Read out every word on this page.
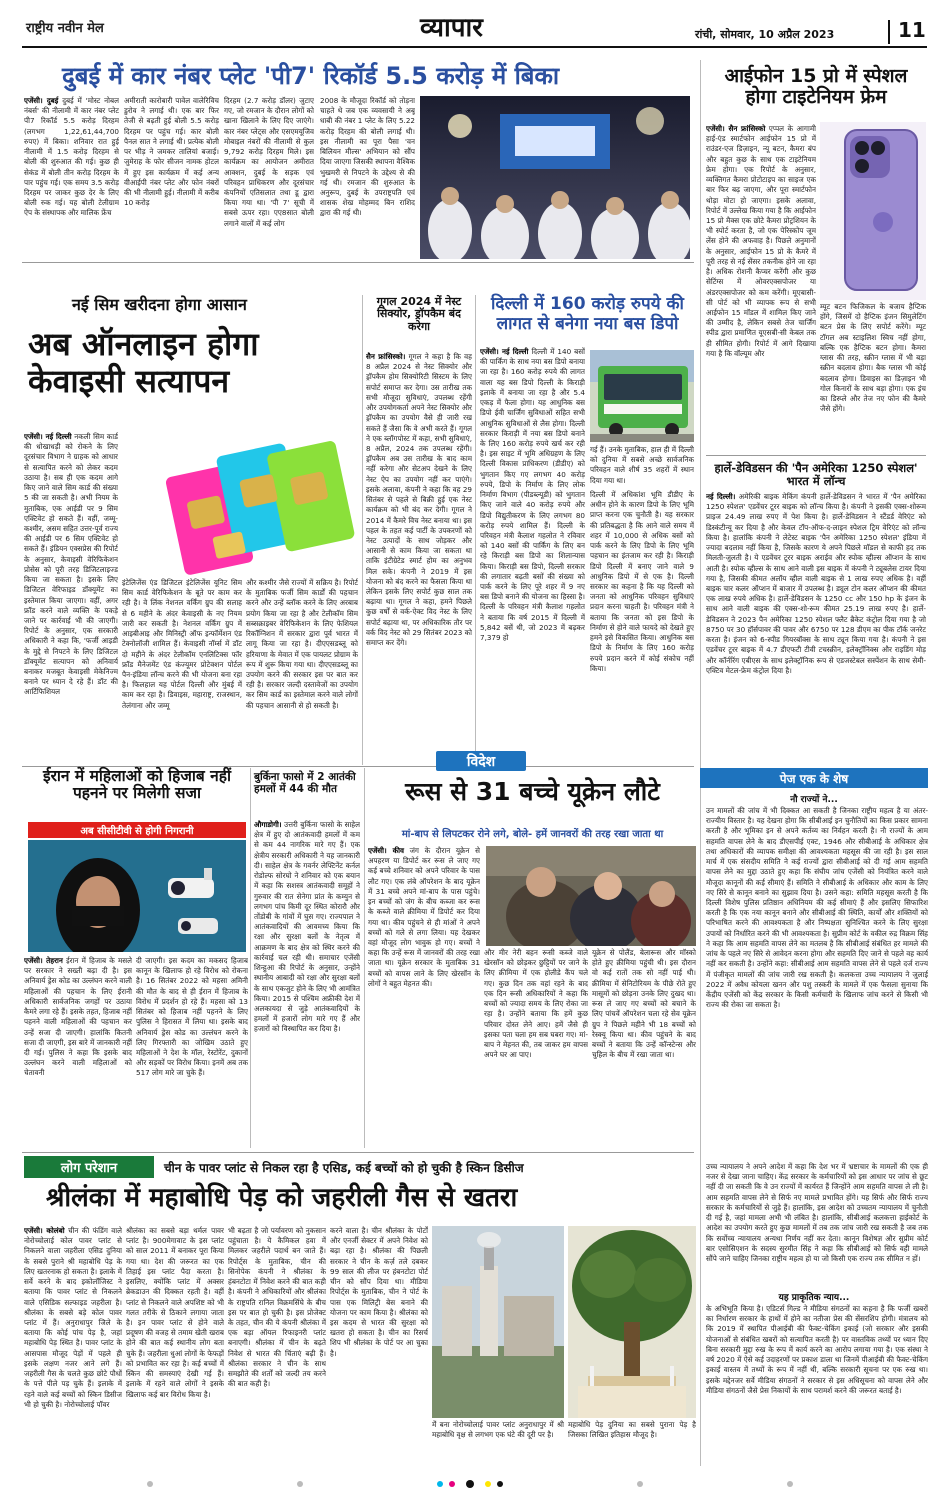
राष्ट्रीय नवीन मेल	व्यापार	रांची, सोमवार, 10 अप्रैल 2023	11
दुबई में कार नंबर प्लेट 'पी7' रिकॉर्ड 5.5 करोड़ में बिका
एजेंसी। दुबई दुबई में 'मोस्ट नोबल नंबर्स' की नीलामी में कार नंबर प्लेट पी7 रिकॉर्ड 5.5 करोड़ दिरहम (लगभग 1,22,61,44,700 रुपए) में बिका। शनिवार रात हुई नीलामी में 1.5 करोड़ दिरहम से बोली की शुरुआत की गई। कुछ ही सेकंड में बोली तीन करोड़ दिरहम के पार पहुंच गई। एक समय 3.5 करोड़ दिरहम पर जाकर कुछ देर के लिए बोली रुक गई। यह बोली टेलीग्राम ऐप के संस्थापक और मालिक फ्रेंच
अमीराती कारोबारी पावेल वालेरिविच डुरोव ने लगाई थी। एक बार फिर तेजी से बढ़ती हुई बोली 5.5 करोड़ दिरहम पर पहुंच गई। कार बोली पैनल सात ने लगाई थी। प्रत्येक बोली पर भीड़ ने जमकर तालियां बजाई। जुमेराह के फोर सीजन नामक होटल में हुए इस कार्यक्रम में कई अन्य वीआईपी नंबर प्लेट और फोन नंबरों की भी नीलामी हुई। नीलामी में करीब 10 करोड़
दिरहम (2.7 करोड़ डॉलर) जुटाए गए, जो रमजान के दौरान लोगों को खाना खिलाने के लिए दिए जाएंगे। कार नंबर प्लेट्स और एसएमयूजिव मोबाइल नंबरों की नीलामी से कुल 9,792 करोड़ दिरहम मिले। इस कार्यक्रम का आयोजन अमीरात आक्शन, दुबई के सड़क एवं परिवहन प्राधिकरण और दूरसंचार कंपनियों एतिसलात तथा डू द्वारा किया गया था। 'पी 7' सूची में सबसे ऊपर रहा। एए8सात बोली लगाने वालों में कई लोग
2008 के मौजूदा रिकॉर्ड को तोड़ना चाहते थे जब एक व्यवसायी ने अबू धाबी की नंबर 1 प्लेट के लिए 5.22 करोड़ दिरहम की बोली लगाई थी। इस नीलामी का पूरा पैसा 'वन बिलियन मील्स' अभियान को सौंप दिया जाएगा जिसकी स्थापना वैश्विक भुखमरी से निपटने के उद्देश्य से की गई थी। रमजान की शुरुआत के अनुरूप, दुबई के उपराष्ट्रपति एवं शासक शेख मोहम्मद बिन राशिद द्वारा की गई थी।
आईफोन 15 प्रो में स्पेशल होगा टाइटेनियम फ्रेम
एजेंसी। सैन फ्रांसिस्को एप्पल के आगामी हाई-एंड स्मार्टफोन आईफोन 15 प्रो में राउंडर-एज डिज़ाइन, न्यू बटन, कैमरा बंप और बहुत कुछ के साथ एक टाइटेनियम फ्रेम होगा। एक रिपोर्ट के अनुसार, व्यक्तिगत कैमरा प्रोटोटाइप का साइज एक बार फिर बढ़ जाएगा, और पूरा स्मार्टफोन थोड़ा मोटा हो जाएगा। इसके अलावा, रिपोर्ट में उल्लेख किया गया है कि आईफोन 15 प्रो मैक्स एक छोटे कैमरा प्रोट्रशियन के भी स्पोर्ट करता है, जो एक पेरिस्कोप जूम लेंस होने की अफवाह है। पिछले अनुमानों के अनुसार, आईफोन 15 प्रो के कैमरे में पूरी तरह से नई सेंसर तकनीक होने जा रहा है। अधिक रोशनी कैप्चर करेंगी और कुछ सेटिंग्स में ओवरएक्सपोजर या अंडरएक्सपोजर को कम करेंगी। मूएबासी-सी पोर्ट को भी व्यापक रूप से सभी आईफोन 15 मॉडल में शामिल किए जाने की उम्मीद है, लेकिन सबसे तेज चार्जिंग स्पीड द्वारा प्रमाणित यूएसबी-सी केबल तक ही सीमित होगी। रिपोर्ट में आगे दिखाया गया है कि वॉल्यूम और
म्यूट बटन फिजिकल के बजाय हैप्टिक होंगे, जिसमें दो हैप्टिक इंजन सिमुलेटिंग बटन प्रेस के लिए सपोर्ट करेंगे। म्यूट टॉगल अब स्टाइलिश स्विच नहीं होगा, बल्कि एक हैप्टिक बटन होगा। कैमरा ग्लास की तरह, स्क्रीन ग्लास में भी बड़ा स्क्रीन बदलाव होगा। बैक ग्लास भी कोई बदलाव होगा। डिवाइस का डिज़ाइन भी गोल किनारों के साथ बड़ा होगा। एक इंच का डिस्प्ले और तेज नए फोन की कैमरे जैसे होंगे।
हार्ले-डेविडसन की 'पैन अमेरिका 1250 स्पेशल' भारत में लॉन्च
नई दिल्ली। अमेरिकी बाइक मेकिंग कंपनी हार्ले-डेविडसन ने भारत में 'पैन अमेरिका 1250 स्पेशल' एडवेंचर टूरर बाइक को लॉन्च किया है। कंपनी ने इसकी एक्स-शोरूम प्राइज 24.49 लाख रुपए में पेश किया है। हार्ले-डेविडसन ने स्टैंडर्ड वेरिएंट को डिस्कंटीन्यू कर दिया है और केवल टॉप-ऑफ-द-लाइन स्पेशल ट्रिम वेरिएंट को लॉन्च किया है। हालांकि कंपनी ने लेटेस्ट बाइक 'पैन अमेरिका 1250 स्पेशल' इंडिया में ज्यादा बदलाव नहीं किया है, जिसके कारण ये अपने पिछले मॉडल से काफी हद तक मिलती-जुलती है। ये एडवेंचर टूरर बाइक अराईव और स्पोक व्हील्स ऑप्शन के साथ आती है। स्पोक व्हील्स के साथ आने वाली इस बाइक में कंपनी ने ट्यूबलेस टायर दिया गया है, जिसकी कीमत अलॉय व्हील वाली बाइक से 1 लाख रुपए अधिक है। वहीं बाइक चार कलर ऑप्शन में बाजार में उपलब्ध है। ड्यूल टोन कलर ऑप्शन की कीमत एक लाख रुपये अधिक है। हार्ले-डेविडसन के 1250 cc और 150 hp के इंजन के साथ आने वाली बाइक की एक्स-शो-रूम कीमत 25.19 लाख रुपए है। हार्ले-डेविडसन ने 2023 पैन अमेरिका 1250 स्पेशल फ्लैट ब्रैकेट कंट्रोल दिया गया है जो 8750 पर 30 हॉर्सपावर की पावर और 6750 पर 128 डीएम का पीक टॉर्क जनरेट करता है। इंजन को 6-स्पीड गियरबॉक्स के साथ ट्यून किया गया है। कंपनी ने इस एडवेंचर टूरर बाइक में 4.7 डीएफटी टीवी टचस्क्रीन, इलेक्ट्रॉनिक्स और राइडिंग मोड़ और कॉर्नरिंग एबीएस के साथ इलेक्ट्रॉनिक रूप से एडजस्टेबल सस्पेंशन के साथ सेमी-एक्टिव मेटल-फ्रेम कंट्रोल दिया है।
नई सिम खरीदना होगा आसान
अब ऑनलाइन होगा केवाइसी सत्यापन
एजेंसी। नई दिल्ली नकली सिम कार्ड की धोखाधड़ी को रोकने के लिए दूरसंचार विभाग ने ग्राहक को आधार से सत्यापित करने को लेकर कदम उठाया है। सब ही एक कदम आगे किए जाने वाले सिम कार्ड की संख्या 5 की जा सकती है। अभी नियम के मुताबिक, एक आईडी पर 9 सिम एक्टिवेट हो सकते हैं। वहीं, जम्मू-कश्मीर, असम सहित उत्तर-पूर्व राज्य की आईडी पर 6 सिम एक्टिवेट हो सकते हैं। इंडियन एक्सप्रेस की रिपोर्ट के अनुसार, केवाइसी वेरिफिकेशन प्रोसेस को पूरी तरह डिजिटलाइज्ड किया जा सकता है। इसके लिए डिजिटल वेरिफाइड डॉक्यूमेंट का इस्तेमाल किया जाएगा। वहीं, अगर फ्रॉड करने वाले व्यक्ति के पकड़े जाने पर कार्रवाई भी की जाएगी। रिपोर्ट के अनुसार, एक सरकारी अधिकारी ने कहा कि, 'फर्जी आइडी के मुद्दे से निपटने के लिए डिजिटल डॉक्यूमेंट सत्यापन को अनिवार्य बनाकर मजबूत केवाइसी मेकेनिज्म बनाने पर ध्यान दे रहे हैं। डॉट की आर्टिफिशियल
इंटेलिजेंस एंड डिजिटल इंटेलिजेंस यूनिट सिम सिम कार्ड वेरिफिकेशन के बूते पर काम कर रही है। वे लिंक नेशनल वर्किंग ग्रुप की सलाह से 6 महीने के अंदर केवाइसी के नए नियम जारी कर सकती है। नेशनल वर्किंग ग्रुप में आइबीआइ और मिनिस्ट्री ऑफ इन्फॉर्मेशन एंड टेक्नोलॉजी शामिल हैं। केवाइसी नॉर्म्स में डॉट दो महीने के अंदर टेलीकॉम एनलिटिक्स फॉर फ्रॉड मैनेजमेंट एंड कंज्यूमर प्रोटेक्शन पोर्टल पैन-इंडिया लॉन्च करने की भी योजना बना रहा है। फिलहाल यह पोर्टल दिल्ली और मुंबई में काम कर रहा है। डिवाइस, महाराष्ट्र, राजस्थान, तेलंगाना और जम्मू
और कश्मीर जैसे राज्यों में सक्रिय है। रिपोर्ट के मुताबिक फर्जी सिम कार्डों की पहचान करने और उन्हें ब्लॉक करने के लिए अरबाब प्रयोग किया जा रहा है और टेलीकॉम सिम सब्सक्राइबर वेरिफिकेशन के लिए फेशियल रिकॉग्निशन में सरकार द्वारा पूर्व भारत में लागू किया जा रहा है। दीएएसडब्लू को हरियाणा के मेवात में एक पायलट प्रोग्राम के रूप में शुरू किया गया था। दीएएसडब्लू का उपयोग करने की सरकार इस पर बात कर रही है। सरकार जल्दी दस्तावेजों का उपयोग कर सिम कार्ड का इस्तेमाल करने वाले लोगों की पहचान आसानी से हो सकती है।
गूगल 2024 में नेस्ट सिक्योर, ड्रॉपकैम बंद करेगा
सैन फ्रांसिस्को। गूगल ने कहा है कि वह 8 अप्रैल 2024 से नेस्ट सिक्योर और ड्रॉपकैम होम सिक्योरिटी सिस्टम के लिए सपोर्ट समाप्त कर देगा। उस तारीख तक सभी मौजूदा सुविधाएं, उपलब्ध रहेंगी और उपयोगकर्ता अपने नेस्ट सिक्योर और ड्रॉपकैम का उपयोग वैसे ही जारी रख सकते हैं जैसा कि वे अभी करते हैं। गूगल ने एक ब्लॉगपोस्ट में कहा, सभी सुविधाएं, 8 अप्रैल, 2024 तक उपलब्ध रहेंगी। ड्रॉपकैम अब उस तारीख के बाद काम नहीं करेगा और सेटअप देखने के लिए नेस्ट ऐप का उपयोग नहीं कर पाएंगे। इसके अलावा, कंपनी ने कहा कि वह 29 सितंबर से पहले से बिक्री हुई एक नेस्ट कार्यक्रम को भी बंद कर देगी। गूगल ने 2014 में कैमरे विच नेस्ट बनाया था। इस पहल के तहत कई पार्टी के उपकरणों को नेस्ट उत्पादों के साथ जोड़कर और आसानी से काम किया जा सकता था ताकि इंटीग्रेटेड स्मार्ट होम का अनुभव मिल सके। कंपनी ने 2019 में इस योजना को बंद करने का फैसला किया था लेकिन इसके लिए सपोर्ट कुछ साल तक बढ़ाया था। गूगल ने कहा, हमने पिछले कुछ वर्षों से वर्क-ऐक्ट विद नेस्ट के लिए सपोर्ट बढ़ाया था, पर अधिकारिक तौर पर वर्क विद नेस्ट को 29 सितंबर 2023 को समाप्त कर देंगे।
दिल्ली में 160 करोड़ रुपये की लागत से बनेगा नया बस डिपो
एजेंसी। नई दिल्ली दिल्ली में 140 बसों की पार्किंग के साथ नया बस डिपो बनाया जा रहा है। 160 करोड़ रुपये की लागत वाला यह बस डिपो दिल्ली के किराड़ी इलाके में बनाया जा रहा है और 5.4 एकड़ में फैला होगा। यह आधुनिक बस डिपो ईवी चार्जिंग सुविधाओं सहित सभी आधुनिक सुविधाओं से लैस होगा। दिल्ली सरकार किराड़ी में नया बस डिपो बनाने के लिए 160 करोड़ रुपये खर्च कर रही है। इस साइट में भूमि अधिग्रहण के लिए दिल्ली विकास प्राधिकरण (डीडीए) को भुगतान किए गए लगभग 40 करोड़ रुपये, डिपो के निर्माण के लिए लोक निर्माण विभाग (पीडब्ल्यूडी) को भुगतान किए जाने वाले 40 करोड़ रुपये और डिपो विद्युतीकरण के लिए लगभग 80 करोड़ रुपये शामिल हैं। दिल्ली के परिवहन मंत्री कैलाश गहलोत ने रविवार को 140 बसों की पार्किंग के लिए बन रहे किराड़ी बस डिपो का शिलान्यास किया। किराड़ी बस डिपो, दिल्ली सरकार की लगातार बढ़ती बसों की संख्या को पार्क करने के लिए पूरे शहर में 9 नए बस डिपो बनाने की योजना का हिस्सा है। दिल्ली के परिवहन मंत्री कैलाश गहलोत ने बताया कि वर्ष 2015 में दिल्ली में 5,842 बसें थी, जो 2023 में बढ़कर 7,379 हो
गई हैं। उनके मुताबिक, हाल ही में दिल्ली को दुनिया में सबसे अच्छे सार्वजनिक परिवहन वाले शीर्ष 35 शहरों में स्थान दिया गया था।
दिल्ली में अधिकांश भूमि डीडीए के अधीन होने के कारण डिपो के लिए भूमि प्राप्त करना एक चुनौती है। यह सरकार की प्रतिबद्धता है कि आने वाले समय में शहर में 10,000 से अधिक बसों को पार्क करने के लिए डिपो के लिए भूमि पहचान का इंतजाम कर रही है। किराड़ी डिपो दिल्ली में बनाए जाने वाले 9 आधुनिक डिपो में से एक है। दिल्ली सरकार का कहना है कि यह दिल्ली को जनता को आधुनिक परिवहन सुविधाएं प्रदान करना चाहती है। परिवहन मंत्री ने बताया कि जनता को इस डिपो के निर्माण से होने वाले फायदे को देखते हुए हमने इसे विकसित किया। आधुनिक बस डिपो के निर्माण के लिए 160 करोड़ रुपये प्रदान करने में कोई संकोच नहीं किया।
विदेश
ईरान में महिलाओं को हिजाब नहीं पहनने पर मिलेगी सजा
अब सीसीटीवी से होगी निगरानी
एजेंसी। तेहरान ईरान में हिजाब के मसले पर सरकार ने सख्ती बढ़ा दी है। इस अनिवार्य ड्रेस कोड का उल्लंघन करने वाली महिलाओं की पहचान के लिए ईरानी अधिकारी सार्वजनिक जगहों पर उठाया कैमरे लगा रहे हैं। इसके तहत, हिजाब नहीं पहनने वाली महिलाओं की पहचान कर उन्हें सजा दी जाएगी। हालांकि कितनी सजा दी जाएगी, इस बारे में जानकारी नहीं दी गई। पुलिस ने कहा कि इसके बाद उल्लंघन करने वाली महिलाओं को चेतावनी
दी जाएगी। इस कदम का मकसद हिजाब कानून के खिलाफ हो रहे विरोध को रोकना है। 16 सितंबर 2022 को महसा अमिनी की मौत के बाद से ही ईरान में हिजाब के विरोध में प्रदर्शन हो रहे हैं। महसा को 13 सितंबर को हिजाब नहीं पहनने के लिए पुलिस ने हिरासत में लिया था। इसके बाद अनिवार्य ड्रेस कोड का उल्लंघन करने के लिए गिरफ्तारी का जोखिम उठाते हुए महिलाओं ने देश के मॉल, रेस्टोरेंट, दुकानों और सड़कों पर विरोध किया। इनमें अब तक 517 लोग मारे जा चुके हैं।
बुर्किना फासो में 2 आतंकी हमलों में 44 की मौत
औगाडोगी। उत्तरी बुर्किना फासो के साहेल क्षेत्र में हुए दो आतंकवादी हमलों में कम से कम 44 नागरिक मारे गए हैं। एक क्षेत्रीय सरकारी अधिकारी ने यह जानकारी दी। साहेल क्षेत्र के गवर्नर लेफ्टिनेंट कर्नल रोडोल्फ सोरघो ने शनिवार को एक बयान में कहा कि सशस्त्र आतंकवादी समूहों ने गुरुवार की रात सेनेगा प्रांत के कम्युन से लगभग पांच किमी दूर स्थित कोरारौ और तोंडोबी के गांवों में घुस गए। राज्यपाल ने आतंकवादियों की आवमच्य किया कि रक्षा और सुरक्षा बलों के नेतृत्व में आक्रमण के बाद क्षेत्र को स्थिर करने की कार्रवाई चल रही थी। समाचार एजेंसी शिन्हुआ की रिपोर्ट के अनुसार, उन्होंने स्थानीय आबादी को रक्षा और सुरक्षा बलों के साथ एकजुट होने के लिए भी आमंत्रित किया। 2015 से पश्चिम अफ्रीकी देश में अलकायदा से जुड़े आतंकवादियों के हमलों में हजारों लोग मारे गए हैं और हजारों को विस्थापित कर दिया है।
रूस से 31 बच्चे यूक्रेन लौटे
मां-बाप से लिपटकर रोने लगे, बोले- हमें जानवरों की तरह रखा जाता था
एजेंसी। कीव जंग के दौरान यूक्रेन से अपहरण या डिपोर्ट कर रूस ले जाए गए कई बच्चे शनिवार को अपने परिवार के पास लौट गए। एक लंबे ऑपरेशन के बाद यूक्रेन में 31 बच्चे अपने मां-बाप के पास पहुंचे। इन बच्चों को जंग के बीच कब्जा कर रूस के कब्जे वाले क्रीमिया में डिपोर्ट कर दिया गया था। कीव पहुंचने से ही मांओं ने अपने बच्चों को गले से लगा लिया। यह देखकर वहां मौजूद लोग भावुक हो गए। बच्चों ने कहा कि उन्हें रूस में जानवरों की तरह रखा जाता था। यूक्रेन सरकार के मुताबिक 31 बच्चों को वापस लाने के लिए खेरसॉन के लोगों ने बहुत मेहनत की।
और मीर नेरी बहन रूसी कब्जे वाले खेरसॉन को छोड़कर छुट्टियों पर जाने के लिए क्रीमिया में एक होलीडे कैंप चले गए। कुछ दिन तक वहां रहने के बाद एक दिन रूसी अधिकारियों ने कहा कि बच्चों को ज्यादा समय के लिए रोका जा रहा है। उन्होंने बताया कि हमें कुछ परिवार दोस्त लेने आए। हमें जैसे ही इसका पता चला हम सब घबरा गए। मां-बाप ने मेहनत की, तब जाकर हम वापस अपने घर आ पाए।
यूक्रेन से पोलैंड, बेलारूस और मॉस्को होते हुए क्रीमिया पहुंची थी। इस दौरान वो कई रातों तक सो नहीं पाई थी। क्रीमिया में सेनिटोरियम के पीछे रोते हुए मासूमों को छोड़ना उनके लिए दुखद था। रूस ले जाए गए बच्चों को बचाने के लिए पांचवें ऑपरेशन चला रहे सेव यूक्रेन ग्रुप ने पिछले महीने भी 18 बच्चों को रेस्क्यू किया था। कीव पहुंचने के बाद बच्चों ने बताया कि उन्हें कॉन्स्टेन्स और चुहिल के बीच में रखा जाता था।
पेज एक के शेष
नौ राज्यों ने...
उन मामलों की जांच में भी दिक्कत आ सकती है जिनका राष्ट्रीय महत्व है या अंतर-राज्यीय विस्तार है। यह देखना होगा कि सीबीआई इन चुनौतियों का किस प्रकार सामना करती है और भूमिका इन से अपने कर्तव्य का निर्वहन करती है। नौ राज्यों के आम सहमति वापस लेने के बाद डीएसपीई एक्ट, 1946 और सीबीआई के अधिकार क्षेत्र तथा अधिकारों की व्यापक समीक्षा की आवश्यकता महसूस की जा रही है। इस साल मार्च में एक संसदीय समिति ने कई राज्यों द्वारा सीबीआई को दी गई आम सहमति वापस लेने का मुद्दा उठाते हुए कहा कि संघीय जांच एजेंसी को नियंत्रित करने वाले मौजूदा कानूनों की कई सीमाएं हैं। समिति ने सीबीआई के अधिकार और काम के लिए नए सिरे से कानून बनाने का सुझाव दिया है। उसने कहा: समिति महसूस करती है कि दिल्ली विशेष पुलिस प्रतिष्ठान अधिनियम की कई सीमाएं हैं और इसलिए सिफारिश करती है कि एक नया कानून बनाने और सीबीआई की स्थिति, कार्यों और शक्तियों को परिभाषित करने की आवश्यकता है और निष्पक्षता सुनिश्चित करने के लिए सुरक्षा उपायों को निर्धारित करने की भी आवश्यकता है। सुप्रीम कोर्ट के वकील रुद्र विक्रम सिंह ने कहा कि आम सहमति वापस लेने का मतलब है कि सीबीआई संबंधित हर मामले की जांच के पहले नए सिरे से आवेदन करना होगा और सहमति दिए जाने से पहले वह कार्य नहीं कर सकती है। उन्होंने कहा: सीबीआई आम सहमति वापस लेने से पहले दर्ज राज्य में पंजीकृत मामलों की जांच जारी रख सकती है। कलकत्ता उच्च न्यायालय ने जुलाई 2022 में अवैध कोयला खनन और पशु तस्करी के मामले में एक फैसला सुनाया कि केंद्रीय एजेंसी को केंद्र सरकार के किसी कर्मचारी के खिलाफ जांच करने से किसी भी राज्य की रोका जा सकता है।
उच्च न्यायालय ने अपने आदेश में कहा कि देश भर में भ्रष्टाचार के मामलों की एक ही नजर से देखा जाना चाहिए। केंद्र सरकार के कर्मचारियों को इस आधार पर जांच से छूट नहीं दी जा सकती कि वे उन राज्यों में कार्यरत हैं जिन्होंने आम सहमति वापस ले ली है। आम सहमति वापस लेने से सिर्फ नए मामले प्रभावित होंगे। यह सिर्फ और सिर्फ राज्य सरकार के कर्मचारियों से जुड़े हैं। हालांकि, इस आदेश को उच्चतम न्यायालय में चुनौती दी गई है, जहां मामला अभी भी लंबित है। हालांकि, सीबीआई कलकत्ता हाईकोर्ट के आदेश का उपयोग करते हुए कुछ मामलों में तब तक जांच जारी रख सकती है जब तक कि सर्वोच्च न्यायालय अन्यथा निर्णय नहीं कर देता। कानून विशेषज्ञ और सुप्रीम कोर्ट बार एसोसिएशन के सदस्य सुरमीत सिंह ने कहा कि सीबीआई को सिर्फ वही मामले सौंपे जाने चाहिए जिनका राष्ट्रीय महत्व हो या जो किसी एक राज्य तक सीमित न हों।
यह प्राकृतिक न्याय...
के अभिभूति किया है। एडिटर्स गिल्ड ने मीडिया संगठनों का कहना है कि फर्जी खबरों का निर्धारण सरकार के हाथों में होने का नतीजा प्रेस की सेंसरशिप होगी। मंत्रालय को कि 2019 में स्थापित पीआईबी की फैक्ट-चेकिंग इकाई (जो सरकार और इसकी योजनाओं से संबंधित खबरों को सत्यापित करती है) पर वास्तविक तथ्यों पर ध्यान दिए बिना सरकारी मुद्दा रुख के रूप में कार्य करने का आरोप लगाया गया है। एक संस्था ने वर्ष 2020 में ऐसे कई उदाहरणों पर प्रकाश डाला था जिनमें पीआईबी की फैक्ट-चेकिंग इकाई वास्तव में तथ्यों के रूप में नहीं थी, बल्कि सरकारी सूचना पर एक रुख था। इसके मद्देनजर सर्वे मीडिया संगठनों ने सरकार से इस अधिसूचना को वापस लेने और मीडिया संगठनों जैसे प्रेस निकायों के साथ परामर्श करने की जरूरत बताई है।
लोग परेशान	चीन के पावर प्लांट से निकल रहा है एसिड, कई बच्चों को हो चुकी है स्किन डिसीज
श्रीलंका में महाबोधि पेड़ को जहरीली गैस से खतरा
एजेंसी। कोलंबो चीन की फंडिंग वाले नोरोच्चोलाई कोल पावर प्लांट से निकलने वाला जहरीला एसिड दुनिया के सबसे पुराने श्री महाबोधि पेड़ के लिए खतरनाक हो सकता है। इलाके में सर्वे करने के बाद इकोलॉजिस्ट ने बताया कि पावर प्लांट से निकलने वाले एसिडिक सल्फाइड जहरीला है। श्रीलंका के सबसे बड़े कोल पावर प्लांट में हैं। अनुराधापुर जिले के बताया कि कोई पांच पेड़ है, जहां महाबोधि पेड़ स्थित है। पावर प्लांट के आसपास मौजूद पेड़ों में पहले ही इसके लक्षण नजर आने लगे हैं। जहरीली गैस के चलते कुछ छोटे पौधों के पत्ते पीले पड़ चुके हैं। इलाके में रहने वाले कई बच्चों को स्किन डिसीज भी हो चुकी है। नोरोच्चोलाई पॉवर
श्रीलंका का सबसे बड़ा थर्मल पावर प्लांट है। 900मेगावाट के इस प्लांट को साल 2011 में बनाकर पूरा किया गया था। देश की जरूरत का एक तिहाई इस प्लांट पैदा करता है। इसलिए, क्योंकि प्लांट में अक्सर ब्रेकडाउन की दिक्कत रहती है। वहीं प्लांट से निकलने वाले अपशिष्ट को भी गलत तरीके से ठिकाने लगाया जाता है। इन पावर प्लांट से होने वाले प्रदूषण की वजह से तमाम खेती खराब होने की बात कई स्थानीय लोग बता चुके हैं। जहरीला धुआं लोगों के फेफड़ों को प्रभावित कर रहा है। कई बच्चों में स्किन की समस्याएं देखी गई हैं। इलाके में रहने वाले लोगों ने इसके खिलाफ कई बार विरोध किया है।
भी बढ़ता है जो पर्यावरण को नुकसान पहुंचाता है। ये कैमिकल हवा में मिलकर जहरीले पदार्थ बन जाते हैं। रिपोर्ट्स के मुताबिक, चीन की सिनोपेक कंपनी ने श्रीलंका के हंबनटोटा में निवेश करने की बात कही है। कंपनी ने अधिकारियों और श्रीलंका के राष्ट्रपति रानिल विक्रमसिंघे के बीच इस पर बात हो चुकी है। इस प्रोजेक्ट के तहत, चीन की ये कंपनी श्रीलंका में एक बड़ा ऑयल रिफाइनरी प्लांट बनाएगी। श्रीलंका में चीन के बढ़ते निवेश से भारत की चिंताएं बढ़ी हैं। श्रीलंका सरकार ने चीन के साथ समझौते की शर्तों को जल्दी तय करने की बात कही है।
करने वाला है। चीन श्रीलंका के पोर्टों और एनर्जी सेक्टर में अपने निवेश को बढ़ा रहा है। श्रीलंका की पिछली सरकार ने चीन के कर्ज़ तले दबकर 99 साल की लीज पर हंबनटोटा पोर्ट चीन को सौंप दिया था। मीडिया रिपोर्ट्स के मुताबिक, चीन ने पोर्ट के पास एक मिलिट्री बेस बनाने की योजना पर काम किया है। श्रीलंका को इस कदम से भारत की सुरक्षा को खतरा हो सकता है। चीन का रिसर्च शिप भी श्रीलंका के पोर्ट पर आ चुका है।
मेंं बना नोरोच्चोलाई पावर प्लांट अनुराधापुर में श्री महाबोधि वृक्ष से लगभग एक घंटे की दूरी पर है।
महाबोधि पेड़ दुनिया का सबसे पुराना पेड़ है जिसका लिखित इतिहास मौजूद है।
